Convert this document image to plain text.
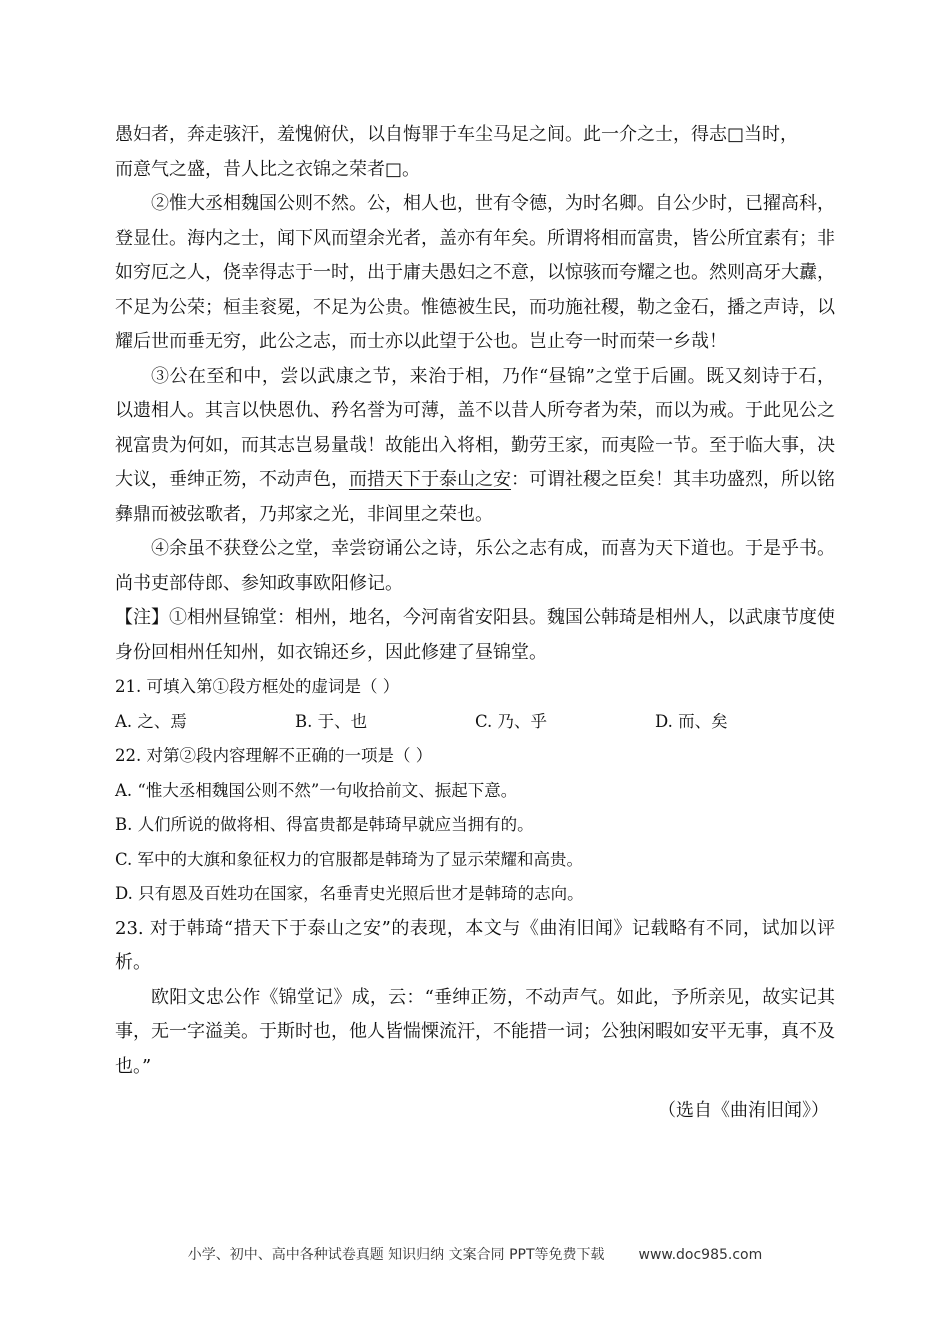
愚妇者，奔走骇汗，羞愧俯伏，以自悔罪于车尘马足之间。此一介之士，得志□当时，

而意气之盛，昔人比之衣锦之荣者□。

②惟大丞相魏国公则不然。公，相人也，世有令德，为时名卿。自公少时，已擢高科，登显仕。海内之士，闻下风而望余光者，盖亦有年矣。所谓将相而富贵，皆公所宜素有；非如穷厄之人，侥幸得志于一时，出于庸夫愚妇之不意，以惊骇而夸耀之也。然则高牙大纛，不足为公荣；桓圭衮冕，不足为公贵。惟德被生民，而功施社稷，勒之金石，播之声诗，以耀后世而垂无穷，此公之志，而士亦以此望于公也。岂止夸一时而荣一乡哉！

③公在至和中，尝以武康之节，来治于相，乃作“昼锦”之堂于后圃。既又刻诗于石，以遗相人。其言以快恩仇、矜名誉为可薄，盖不以昔人所夸者为荣，而以为戒。于此见公之视富贵为何如，而其志岂易量哉！故能出入将相，勤劳王家，而夷险一节。至于临大事，决大议，垂绅正笏，不动声色，而措天下于泰山之安：可谓社稷之臣矣！其丰功盛烈，所以铭彝鼎而被弦歌者，乃邦家之光，非闾里之荣也。

④余虽不获登公之堂，幸尝窃诵公之诗，乐公之志有成，而喜为天下道也。于是乎书。尚书吏部侍郎、参知政事欧阳修记。

【注】①相州昼锦堂：相州，地名，今河南省安阳县。魏国公韩琦是相州人，以武康节度使身份回相州任知州，如衣锦还乡，因此修建了昼锦堂。

21. 可填入第①段方框处的虚词是（ ）

A. 之、焉	B. 于、也	C. 乃、乎	D. 而、矣

22. 对第②段内容理解不正确的一项是（ ）

A. “惟大丞相魏国公则不然”一句收拾前文、振起下意。

B. 人们所说的做将相、得富贵都是韩琦早就应当拥有的。

C. 军中的大旗和象征权力的官服都是韩琦为了显示荣耀和高贵。

D. 只有恩及百姓功在国家，名垂青史光照后世才是韩琦的志向。

23. 对于韩琦“措天下于泰山之安”的表现，本文与《曲洧旧闻》记载略有不同，试加以评析。

欧阳文忠公作《锦堂记》成，云：“垂绅正笏，不动声气。如此，予所亲见，故实记其事，无一字溢美。于斯时也，他人皆惴慄流汗，不能措一词；公独闲暇如安平无事，真不及也。”

（选自《曲洧旧闻》）
小学、初中、高中各种试卷真题 知识归纳 文案合同 PPT等免费下载 www.doc985.com
